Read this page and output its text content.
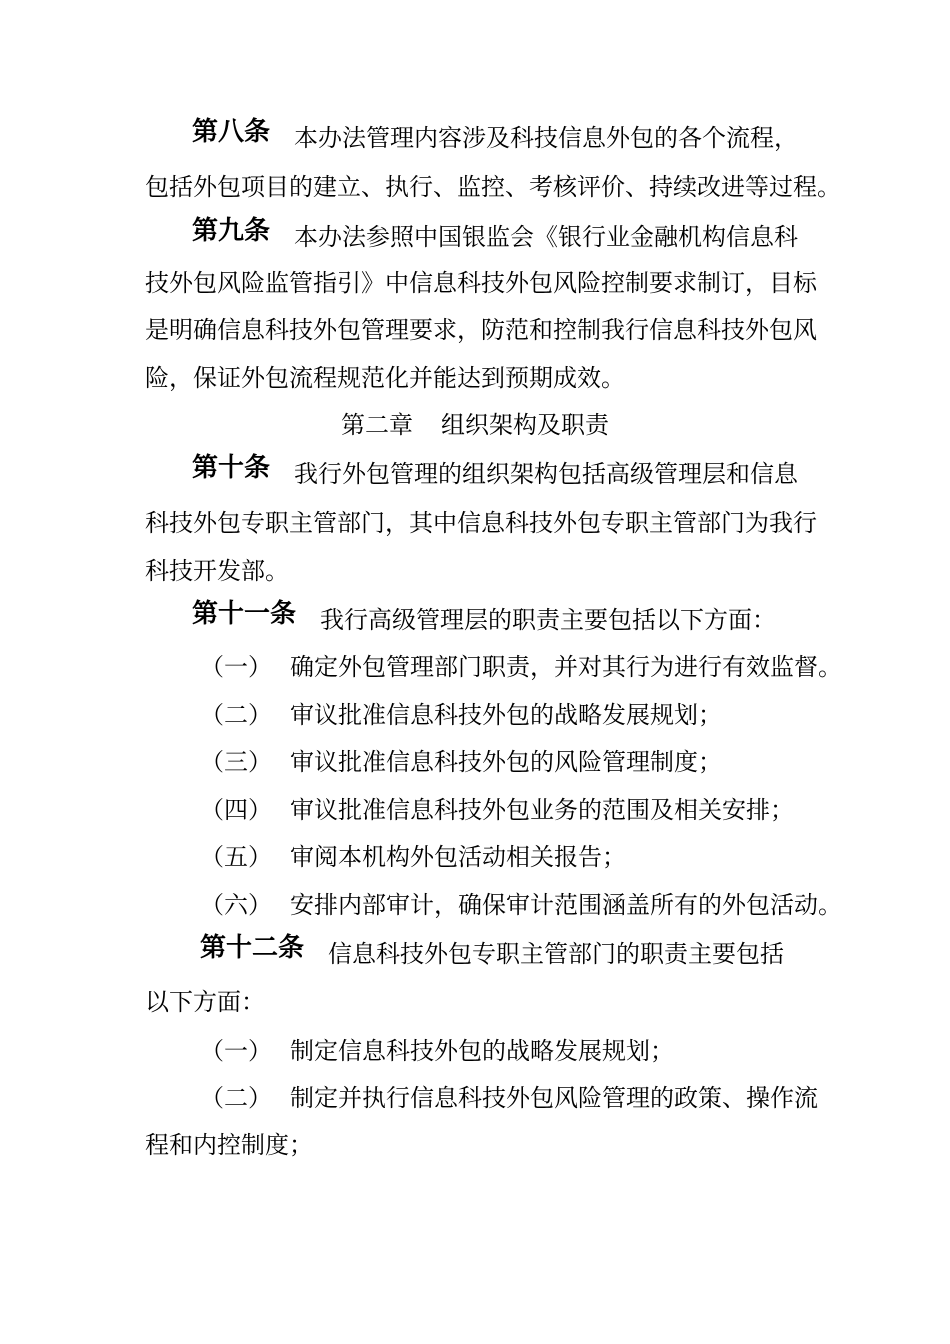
第八条 本办法管理内容涉及科技信息外包的各个流程，
包括外包项目的建立、执行、监控、考核评价、持续改进等过程。
第九条 本办法参照中国银监会《银行业金融机构信息科
技外包风险监管指引》中信息科技外包风险控制要求制订，目标
是明确信息科技外包管理要求，防范和控制我行信息科技外包风
险，保证外包流程规范化并能达到预期成效。
第二章 组织架构及职责
第十条 我行外包管理的组织架构包括高级管理层和信息
科技外包专职主管部门，其中信息科技外包专职主管部门为我行
科技开发部。
第十一条 我行高级管理层的职责主要包括以下方面：
（一） 确定外包管理部门职责，并对其行为进行有效监督。
（二） 审议批准信息科技外包的战略发展规划；
（三） 审议批准信息科技外包的风险管理制度；
（四） 审议批准信息科技外包业务的范围及相关安排；
（五） 审阅本机构外包活动相关报告；
（六） 安排内部审计，确保审计范围涵盖所有的外包活动。
第十二条 信息科技外包专职主管部门的职责主要包括
以下方面：
（一） 制定信息科技外包的战略发展规划；
（二） 制定并执行信息科技外包风险管理的政策、操作流
程和内控制度；
